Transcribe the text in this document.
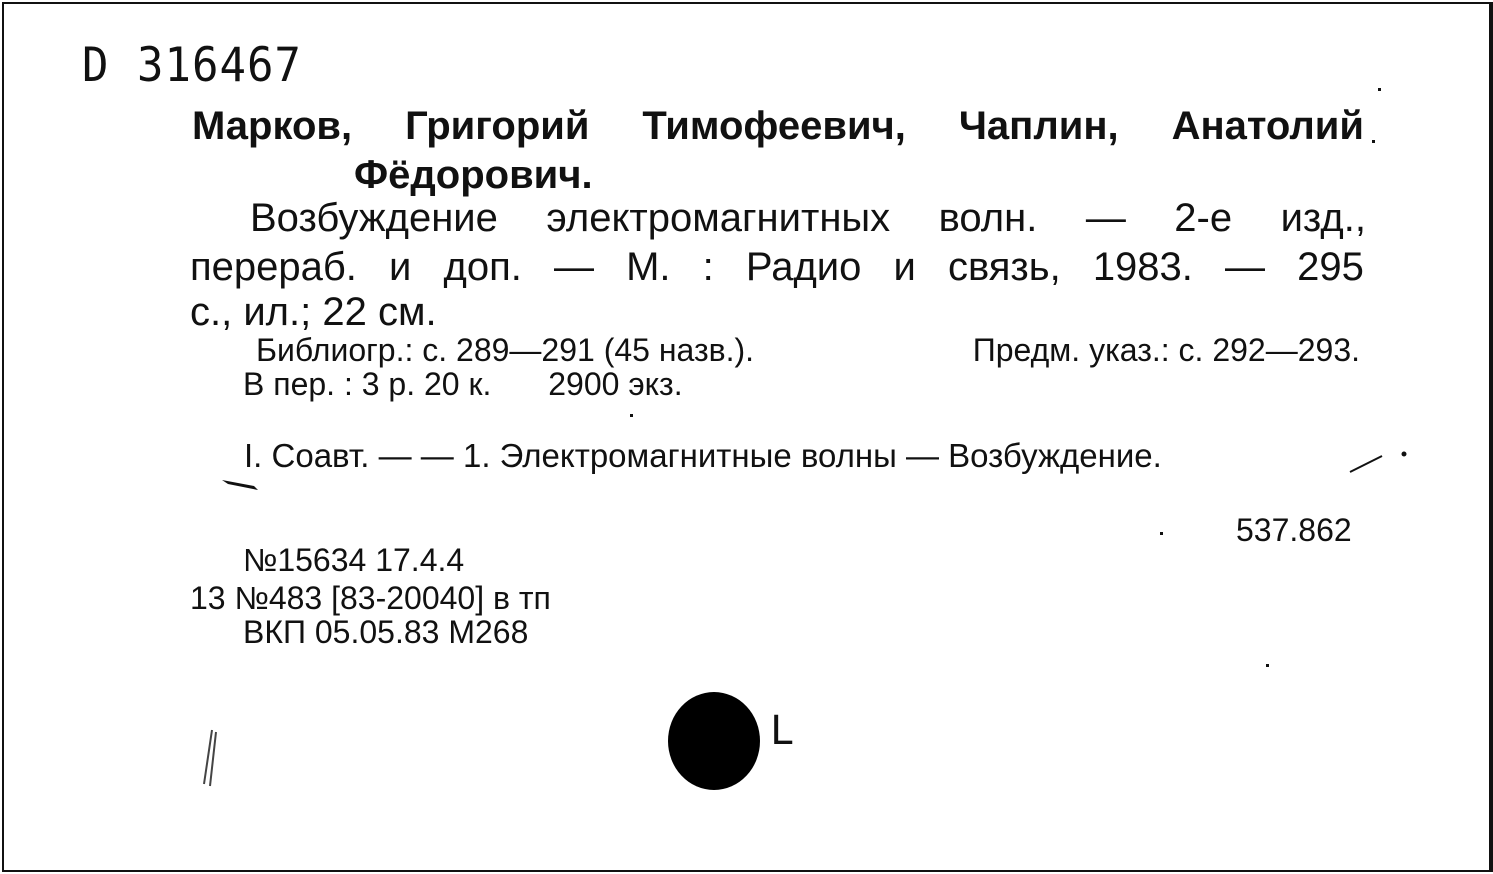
D 316467
Марков, Григорий Тимофеевич, Чаплин, Анатолий
Фёдорович.
Возбуждение электромагнитных волн. — 2-е изд.,
перераб. и доп. — М. : Радио и связь, 1983. — 295
с., ил.; 22 см.
Библиогр.: с. 289—291 (45 назв.).	Предм. указ.: с. 292—293.
В пер. : 3 р. 20 к. 2900 экз.
I. Соавт. — — 1. Электромагнитные волны — Возбуждение.
537.862
№15634 17.4.4
13 №483 [83-20040] в тп
ВКП 05.05.83 М268
L
